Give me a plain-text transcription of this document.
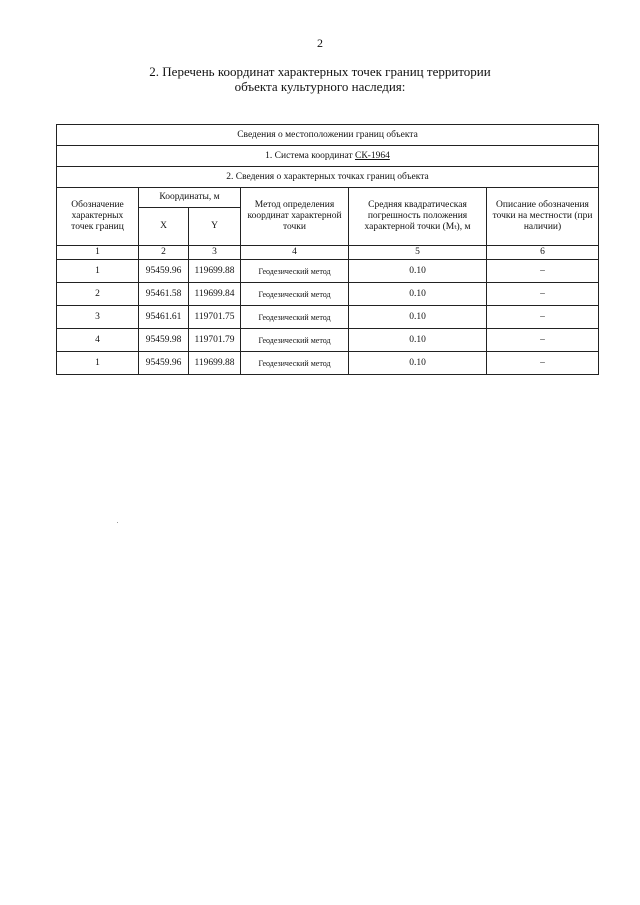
2
2. Перечень координат характерных точек границ территории
объекта культурного наследия:
Сведения о местоположении границ объекта					
1. Система координат СК-1964					
2. Сведения о характерных точках границ объекта					
Обозначение характерных точек границ	Координаты, м		Метод определения координат характерной точки	Средняя квадратическая погрешность положения характерной точки (Mₜ), м	Описание обозначения точки на местности (при наличии)
	X	Y			
1	2	3	4	5	6
1	95459.96	119699.88	Геодезический метод	0.10	–
2	95461.58	119699.84	Геодезический метод	0.10	–
3	95461.61	119701.75	Геодезический метод	0.10	–
4	95459.98	119701.79	Геодезический метод	0.10	–
1	95459.96	119699.88	Геодезический метод	0.10	–
